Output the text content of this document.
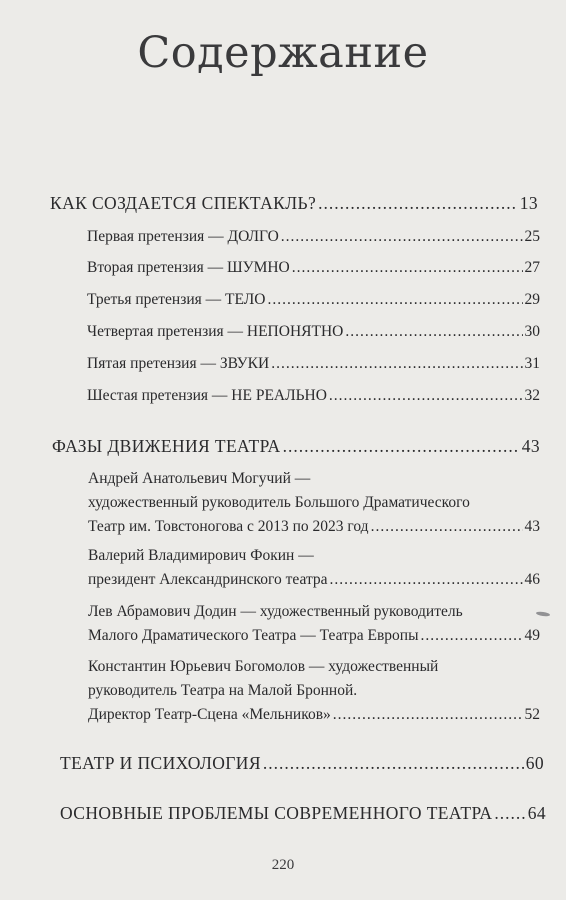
Содержание
КАК СОЗДАЕТСЯ СПЕКТАКЛЬ? .....	13
Первая претензия — ДОЛГО .....	25
Вторая претензия — ШУМНО .....	27
Третья претензия — ТЕЛО .....	29
Четвертая претензия — НЕПОНЯТНО .....	30
Пятая претензия — ЗВУКИ .....	31
Шестая претензия — НЕ РЕАЛЬНО .....	32
ФАЗЫ ДВИЖЕНИЯ ТЕАТРА .....	43
Андрей Анатольевич Могучий —
художественный руководитель Большого Драматического
Театр им. Товстоногова с 2013 по 2023 год .....	43
Валерий Владимирович Фокин —
президент Александринского театра .....	46
Лев Абрамович Додин — художественный руководитель
Малого Драматического Театра — Театра Европы .....	49
Константин Юрьевич Богомолов — художественный
руководитель Театра на Малой Бронной.
Директор Театр-Сцена «Мельников» .....	52
ТЕАТР И ПСИХОЛОГИЯ .....	60
ОСНОВНЫЕ ПРОБЛЕМЫ СОВРЕМЕННОГО ТЕАТРА ..... 64
220
